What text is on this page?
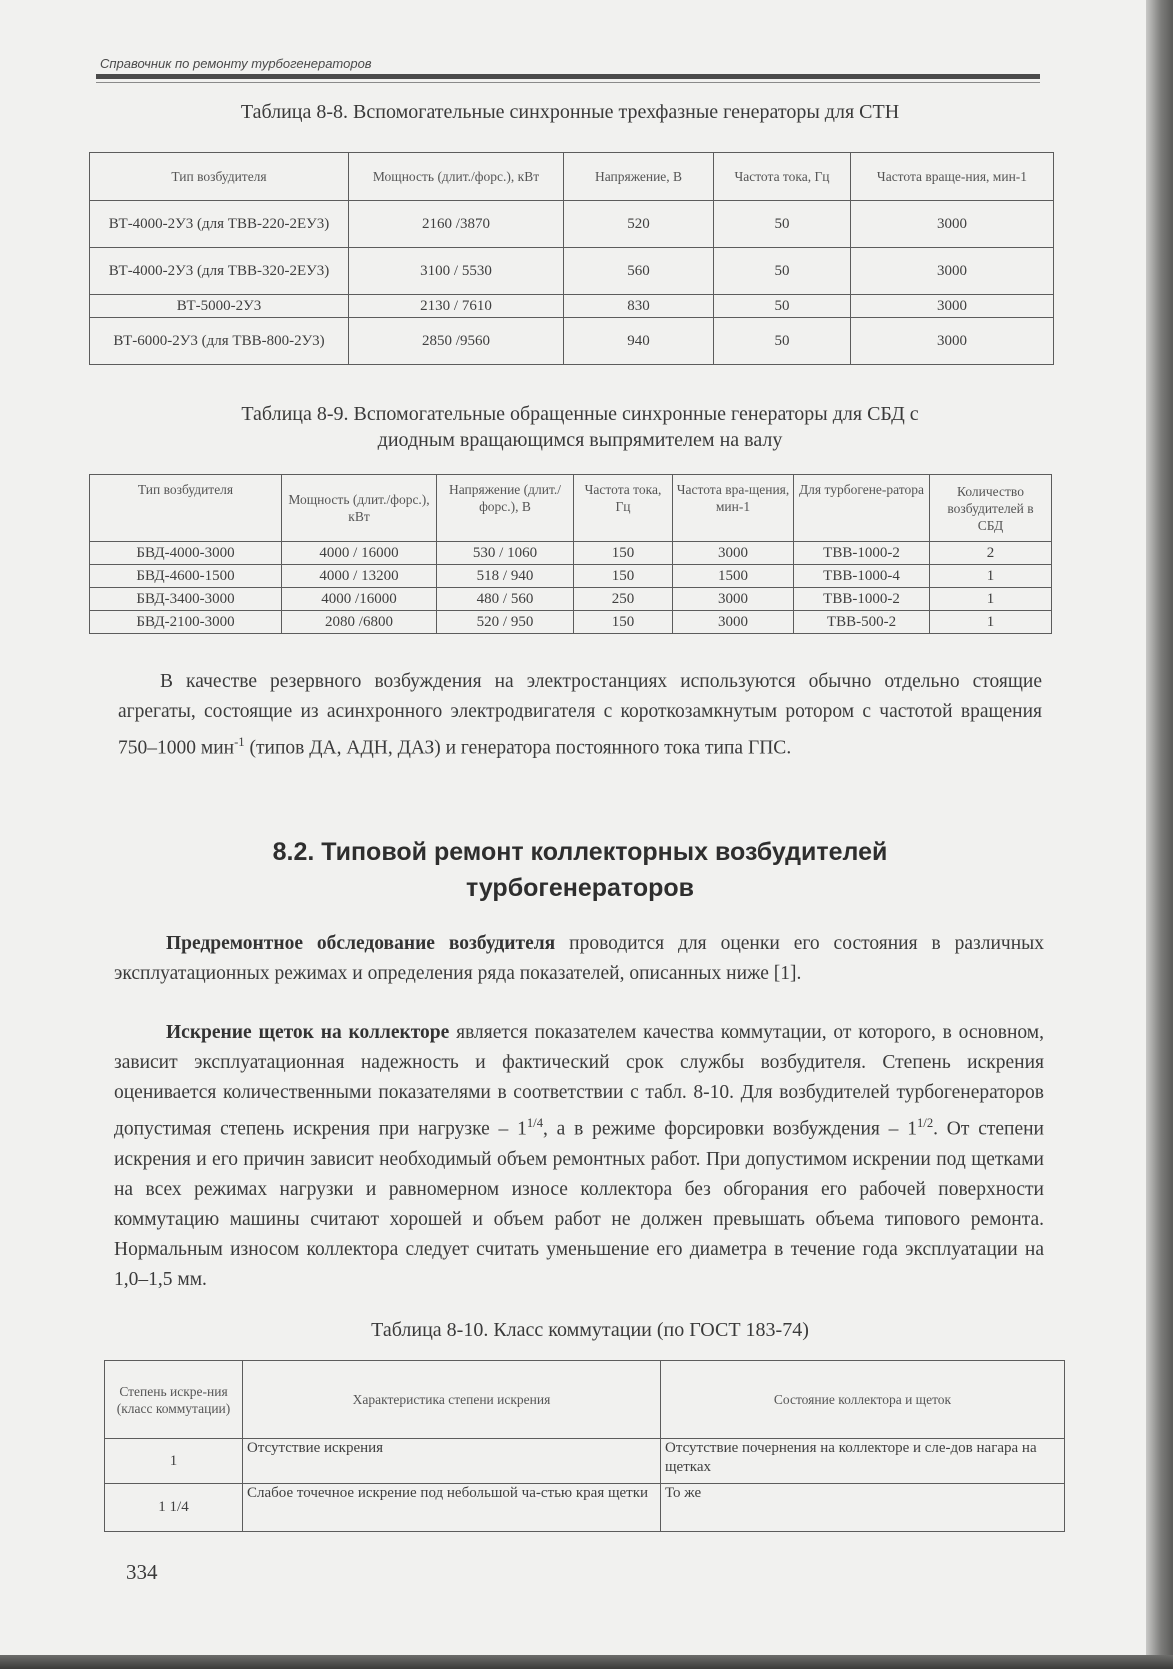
Справочник по ремонту турбогенераторов
Таблица 8-8. Вспомогательные синхронные трехфазные генераторы для СТН
Тип возбудителя	Мощность (длит./форс.), кВт	Напряжение, В	Частота тока, Гц	Частота враще-ния, мин-1
ВТ-4000-2У3 (для ТВВ-220-2ЕУ3)	2160 /3870	520	50	3000
ВТ-4000-2У3 (для ТВВ-320-2ЕУ3)	3100 / 5530	560	50	3000
ВТ-5000-2У3	2130 / 7610	830	50	3000
ВТ-6000-2У3 (для ТВВ-800-2У3)	2850 /9560	940	50	3000
Таблица 8-9. Вспомогательные обращенные синхронные генераторы для СБД с
диодным вращающимся выпрямителем на валу
Тип возбудителя	Мощность (длит./форс.), кВт	Напряжение (длит./форс.), В	Частота тока, Гц	Частота вра-щения, мин-1	Для турбогене-ратора	Количество возбудителей в СБД
БВД-4000-3000	4000 / 16000	530 / 1060	150	3000	ТВВ-1000-2	2
БВД-4600-1500	4000 / 13200	518 / 940	150	1500	ТВВ-1000-4	1
БВД-3400-3000	4000 /16000	480 / 560	250	3000	ТВВ-1000-2	1
БВД-2100-3000	2080 /6800	520 / 950	150	3000	ТВВ-500-2	1
В качестве резервного возбуждения на электростанциях используются обычно отдельно стоящие агрегаты, состоящие из асинхронного электродвигателя с короткозамкнутым ротором с частотой вращения 750–1000 мин$^{-1}$ (типов ДА, АДН, ДАЗ) и генератора постоянного тока типа ГПС.
8.2. Типовой ремонт коллекторных возбудителей
турбогенераторов
Предремонтное обследование возбудителя проводится для оценки его состояния в различных эксплуатационных режимах и определения ряда показателей, описанных ниже [1].
Искрение щеток на коллекторе является показателем качества коммутации, от которого, в основном, зависит эксплуатационная надежность и фактический срок службы возбудителя. Степень искрения оценивается количественными показателями в соответствии с табл. 8-10. Для возбудителей турбогенераторов допустимая степень искрения при нагрузке – $1^{1/4}$, а в режиме форсировки возбуждения – $1^{1/2}$. От степени искрения и его причин зависит необходимый объем ремонтных работ. При допустимом искрении под щетками на всех режимах нагрузки и равномерном износе коллектора без обгорания его рабочей поверхности коммутацию машины считают хорошей и объем работ не должен превышать объема типового ремонта. Нормальным износом коллектора следует считать уменьшение его диаметра в течение года эксплуатации на 1,0–1,5 мм.
Таблица 8-10. Класс коммутации (по ГОСТ 183-74)
Степень искре-ния (класс коммутации)	Характеристика степени искрения	Состояние коллектора и щеток
1	Отсутствие искрения	Отсутствие почернения на коллекторе и сле-дов нагара на щетках
1 1/4	Слабое точечное искрение под небольшой ча-стью края щетки	То же
334
